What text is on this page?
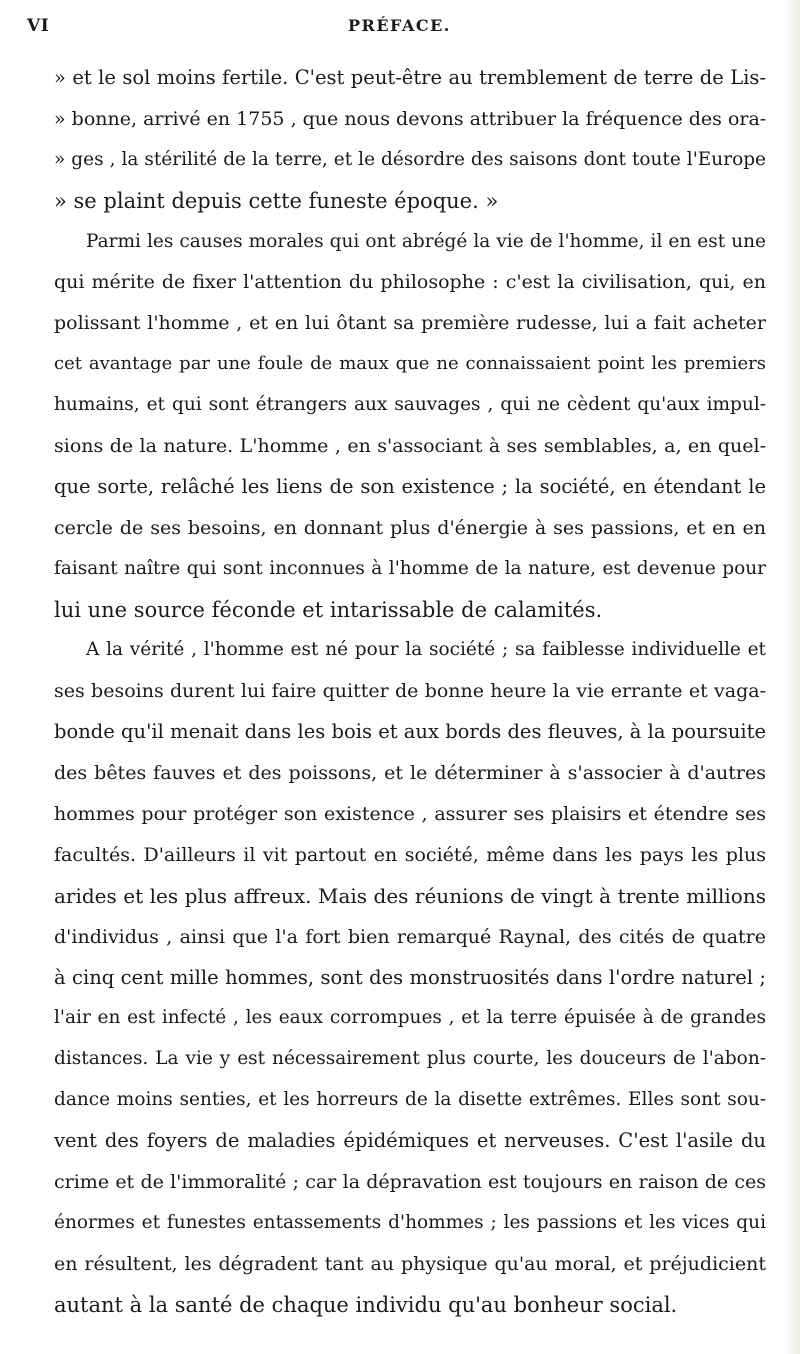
VI	PRÉFACE.
» et le sol moins fertile. C'est peut-être au tremblement de terre de Lis-
» bonne, arrivé en 1755 , que nous devons attribuer la fréquence des ora-
» ges , la stérilité de la terre, et le désordre des saisons dont toute l'Europe
» se plaint depuis cette funeste époque. »
Parmi les causes morales qui ont abrégé la vie de l'homme, il en est une
qui mérite de fixer l'attention du philosophe : c'est la civilisation, qui, en
polissant l'homme , et en lui ôtant sa première rudesse, lui a fait acheter
cet avantage par une foule de maux que ne connaissaient point les premiers
humains, et qui sont étrangers aux sauvages , qui ne cèdent qu'aux impul-
sions de la nature. L'homme , en s'associant à ses semblables, a, en quel-
que sorte, relâché les liens de son existence ; la société, en étendant le
cercle de ses besoins, en donnant plus d'énergie à ses passions, et en en
faisant naître qui sont inconnues à l'homme de la nature, est devenue pour
lui une source féconde et intarissable de calamités.
A la vérité , l'homme est né pour la société ; sa faiblesse individuelle et
ses besoins durent lui faire quitter de bonne heure la vie errante et vaga-
bonde qu'il menait dans les bois et aux bords des fleuves, à la poursuite
des bêtes fauves et des poissons, et le déterminer à s'associer à d'autres
hommes pour protéger son existence , assurer ses plaisirs et étendre ses
facultés. D'ailleurs il vit partout en société, même dans les pays les plus
arides et les plus affreux. Mais des réunions de vingt à trente millions
d'individus , ainsi que l'a fort bien remarqué Raynal, des cités de quatre
à cinq cent mille hommes, sont des monstruosités dans l'ordre naturel ;
l'air en est infecté , les eaux corrompues , et la terre épuisée à de grandes
distances. La vie y est nécessairement plus courte, les douceurs de l'abon-
dance moins senties, et les horreurs de la disette extrêmes. Elles sont sou-
vent des foyers de maladies épidémiques et nerveuses. C'est l'asile du
crime et de l'immoralité ; car la dépravation est toujours en raison de ces
énormes et funestes entassements d'hommes ; les passions et les vices qui
en résultent, les dégradent tant au physique qu'au moral, et préjudicient
autant à la santé de chaque individu qu'au bonheur social.
